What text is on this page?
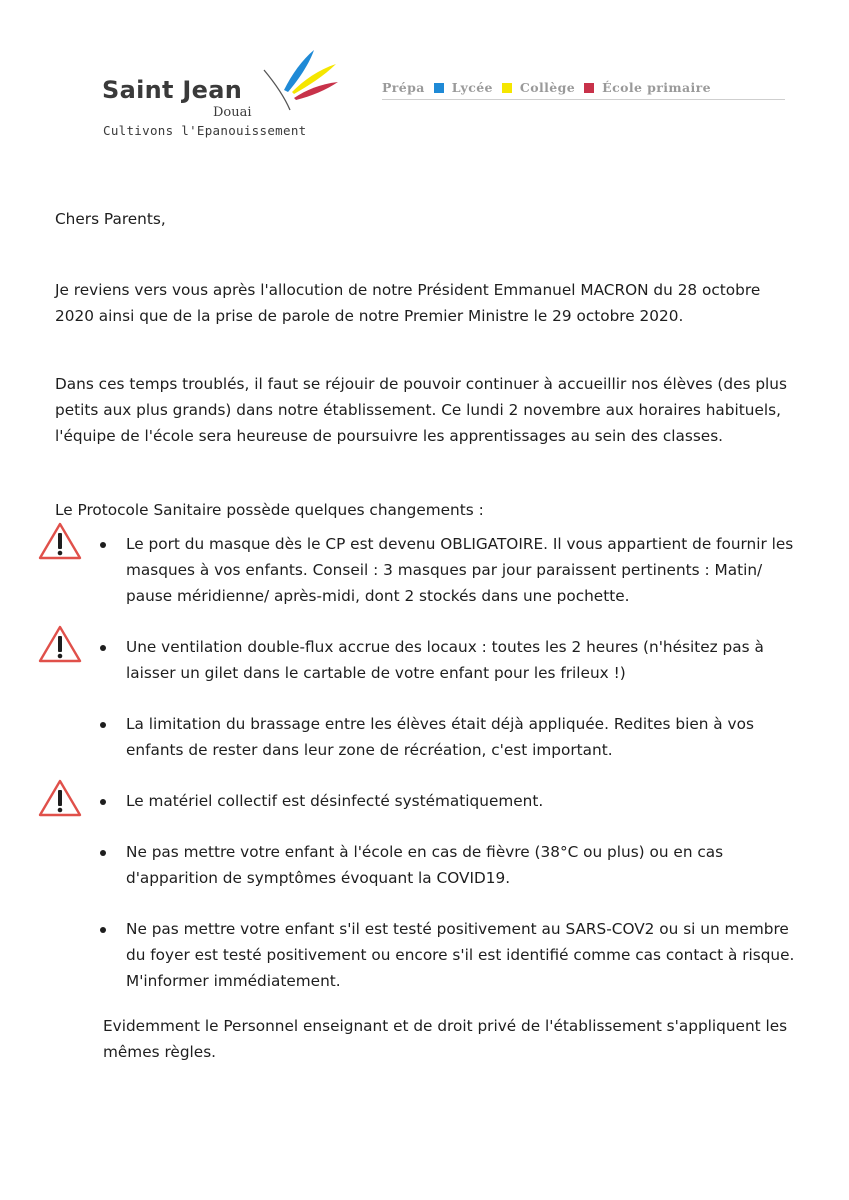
Saint Jean
Douai
Cultivons l'Epanouissement
Prépa Lycée Collège École primaire

Chers Parents,

Je reviens vers vous après l'allocution de notre Président Emmanuel MACRON du 28 octobre 2020 ainsi que de la prise de parole de notre Premier Ministre le 29 octobre 2020.

Dans ces temps troublés, il faut se réjouir de pouvoir continuer à accueillir nos élèves (des plus petits aux plus grands) dans notre établissement. Ce lundi 2 novembre aux horaires habituels, l'équipe de l'école sera heureuse de poursuivre les apprentissages au sein des classes.

Le Protocole Sanitaire possède quelques changements :

Le port du masque dès le CP est devenu OBLIGATOIRE. Il vous appartient de fournir les masques à vos enfants. Conseil : 3 masques par jour paraissent pertinents : Matin/ pause méridienne/ après-midi, dont 2 stockés dans une pochette.
Une ventilation double-flux accrue des locaux : toutes les 2 heures (n'hésitez pas à laisser un gilet dans le cartable de votre enfant pour les frileux !)
La limitation du brassage entre les élèves était déjà appliquée. Redites bien à vos enfants de rester dans leur zone de récréation, c'est important.
Le matériel collectif est désinfecté systématiquement.
Ne pas mettre votre enfant à l'école en cas de fièvre (38°C ou plus) ou en cas d'apparition de symptômes évoquant la COVID19.
Ne pas mettre votre enfant s'il est testé positivement au SARS-COV2 ou si un membre du foyer est testé positivement ou encore s'il est identifié comme cas contact à risque. M'informer immédiatement.

Evidemment le Personnel enseignant et de droit privé de l'établissement s'appliquent les mêmes règles.
